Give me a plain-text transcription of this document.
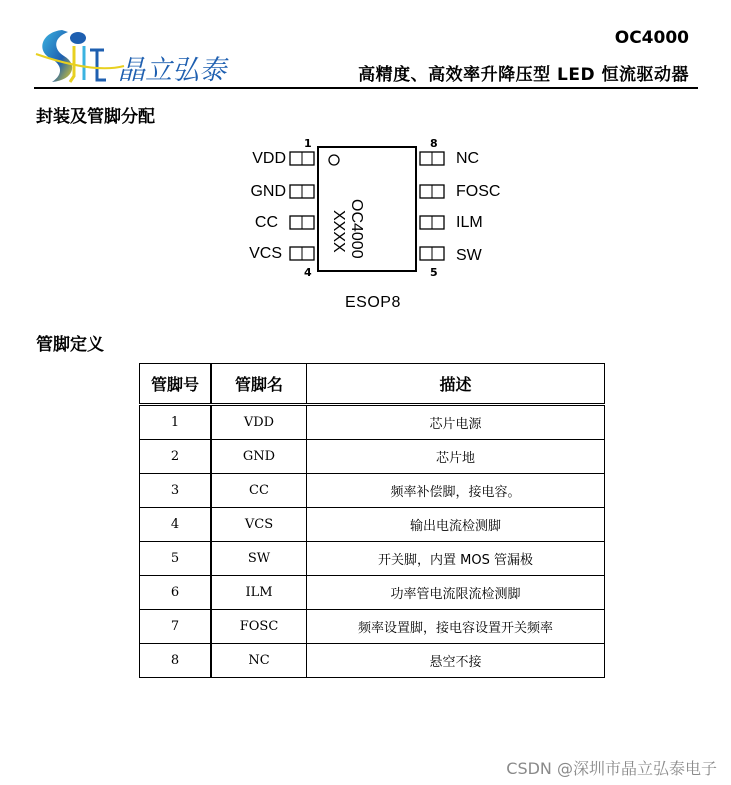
晶立弘泰
OC4000
高精度、高效率升降压型 LED 恒流驱动器
封装及管脚分配
1	8
4	5
VDD
GND
CC
VCS
NC
FOSC
ILM
SW
OC4000
XXXX
ESOP8
管脚定义
管脚号	管脚名	描述
1	VDD	芯片电源
2	GND	芯片地
3	CC	频率补偿脚，接电容。
4	VCS	输出电流检测脚
5	SW	开关脚，内置 MOS 管漏极
6	ILM	功率管电流限流检测脚
7	FOSC	频率设置脚，接电容设置开关频率
8	NC	悬空不接
CSDN @深圳市晶立弘泰电子
